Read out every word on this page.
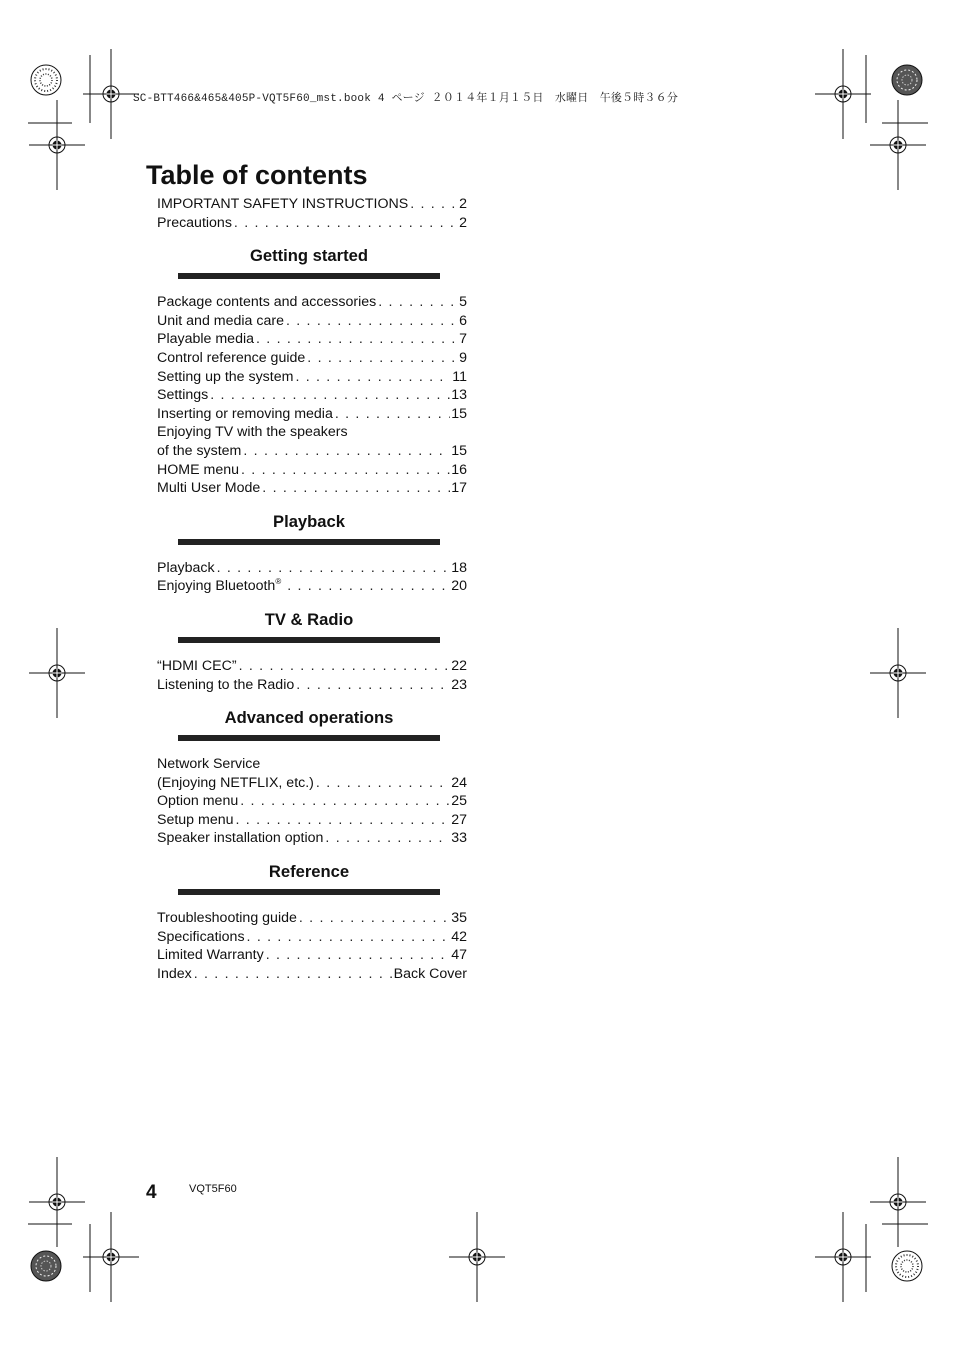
SC-BTT466&465&405P-VQT5F60_mst.book 4 ページ ２０１４年１月１５日　水曜日　午後５時３６分
Table of contents
IMPORTANT SAFETY INSTRUCTIONS . . .	2
Precautions . . .	2
Getting started
Package contents and accessories . . .	5
Unit and media care . . .	6
Playable media . . .	7
Control reference guide . . .	9
Setting up the system . . .	11
Settings . . .	13
Inserting or removing media . . .	15
Enjoying TV with the speakers
of the system . . .	15
HOME menu . . .	16
Multi User Mode . . .	17
Playback
Playback . . .	18
Enjoying Bluetooth® . . .	20
TV & Radio
“HDMI CEC” . . .	22
Listening to the Radio . . .	23
Advanced operations
Network Service
(Enjoying NETFLIX, etc.) . . .	24
Option menu . . .	25
Setup menu . . .	27
Speaker installation option . . .	33
Reference
Troubleshooting guide . . .	35
Specifications . . .	42
Limited Warranty . . .	47
Index . . .	Back Cover
4	VQT5F60
